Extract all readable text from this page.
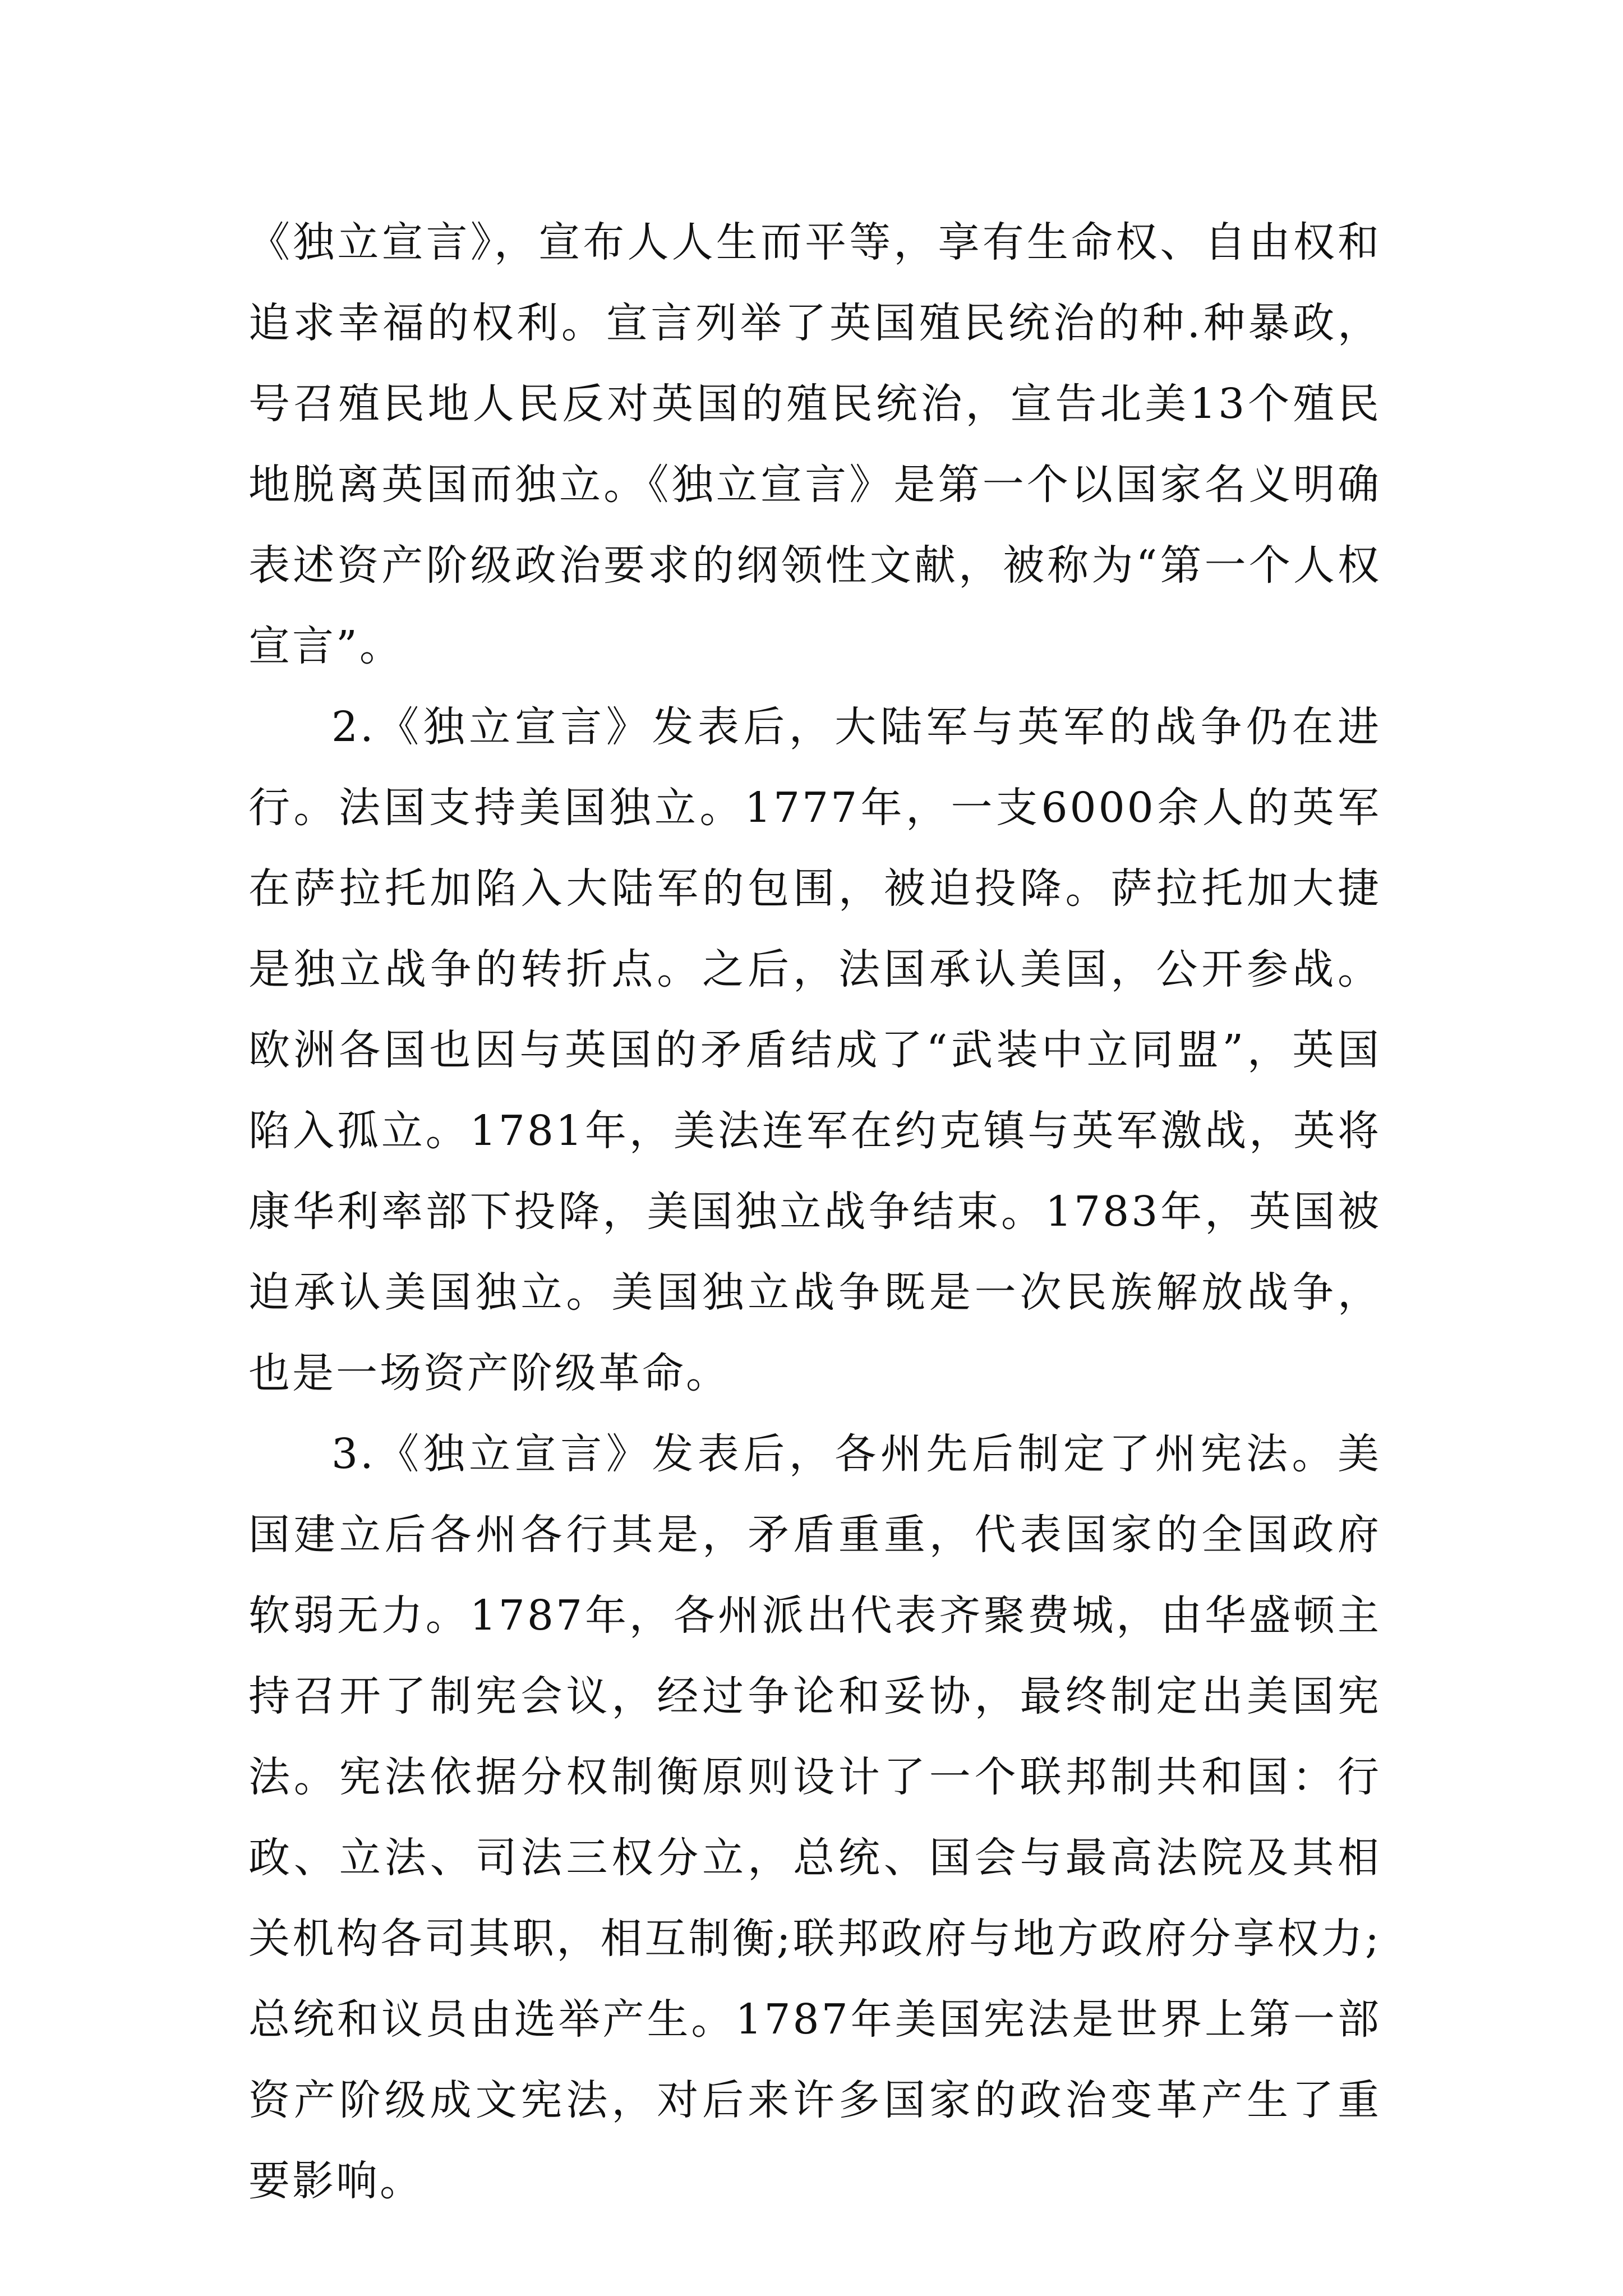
《独立宣言》，宣布人人生而平等，享有生命权、自由权和追求幸福的权利。宣言列举了英国殖民统治的种.种暴政，号召殖民地人民反对英国的殖民统治，宣告北美13个殖民地脱离英国而独立。《独立宣言》是第一个以国家名义明确表述资产阶级政治要求的纲领性文献，被称为“第一个人权宣言”。

2.《独立宣言》发表后，大陆军与英军的战争仍在进行。法国支持美国独立。1777年，一支6000余人的英军在萨拉托加陷入大陆军的包围，被迫投降。萨拉托加大捷是独立战争的转折点。之后，法国承认美国，公开参战。欧洲各国也因与英国的矛盾结成了“武装中立同盟”，英国陷入孤立。1781年，美法连军在约克镇与英军激战，英将康华利率部下投降，美国独立战争结束。1783年，英国被迫承认美国独立。美国独立战争既是一次民族解放战争，也是一场资产阶级革命。

3.《独立宣言》发表后，各州先后制定了州宪法。美国建立后各州各行其是，矛盾重重，代表国家的全国政府软弱无力。1787年，各州派出代表齐聚费城，由华盛顿主持召开了制宪会议，经过争论和妥协，最终制定出美国宪法。宪法依据分权制衡原则设计了一个联邦制共和国：行政、立法、司法三权分立，总统、国会与最高法院及其相关机构各司其职，相互制衡;联邦政府与地方政府分享权力;总统和议员由选举产生。1787年美国宪法是世界上第一部资产阶级成文宪法，对后来许多国家的政治变革产生了重要影响。
